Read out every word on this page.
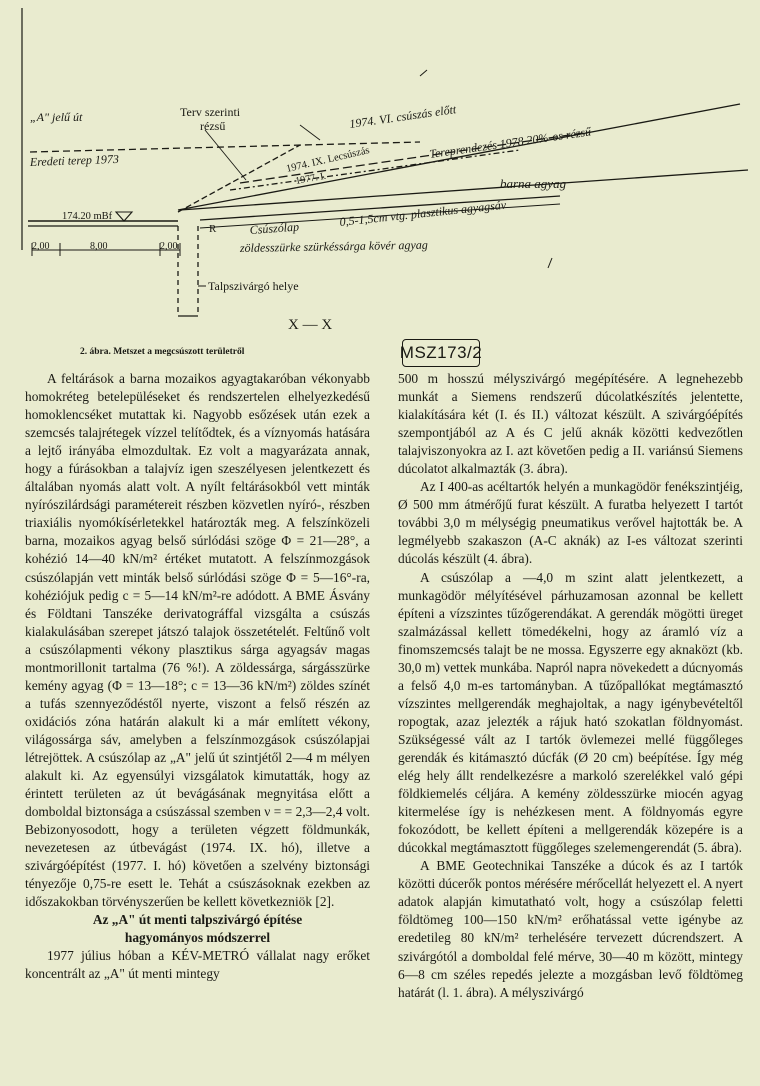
„A" jelű út	Terv szerinti
rézsű	1974. VI. csúszás előtt
Eredeti terep 1973	1974. IX. Lecsúszás
1977. I.
Tereprendezés 1978 20%-os rézsű
barna agyag
174.20 mBf
R	Csúszólap	0,5-1,5cm vtg. plasztikus agyagsáv
zöldesszürke szürkéssárga kövér agyag
2,00	8,00	2,00
Talpszivárgó helye
X — X
2. ábra. Metszet a megcsúszott területről	MSZ173/2

A feltárások a barna mozaikos agyagtakaróban vékonyabb homokréteg betelepüléseket és rendszertelen elhelyezkedésű homoklencséket mutattak ki. Nagyobb esőzések után ezek a szemcsés talajrétegek vízzel telítődtek, és a víznyomás hatására a lejtő irányába elmozdultak. Ez volt a magyarázata annak, hogy a fúrásokban a talajvíz igen szeszélyesen jelentkezett és általában nyomás alatt volt. A nyílt feltárásokból vett minták nyírószilárdsági paramétereit részben közvetlen nyíró-, részben triaxiális nyomókísérletekkel határozták meg. A felszínközeli barna, mozaikos agyag belső súrlódási szöge Φ = 21—28°, a kohézió 14—40 kN/m² értéket mutatott. A felszínmozgások csúszólapján vett minták belső súrlódási szöge Φ = 5—16°-ra, kohéziójuk pedig c = 5—14 kN/m²-re adódott. A BME Ásvány és Földtani Tanszéke derivatográffal vizsgálta a csúszás kialakulásában szerepet játszó talajok összetételét. Feltűnő volt a csúszólapmenti vékony plasztikus sárga agyagsáv magas montmorillonit tartalma (76 %!). A zöldessárga, sárgásszürke kemény agyag (Φ = 13—18°; c = 13—36 kN/m²) zöldes színét a tufás szennyeződéstől nyerte, viszont a felső részén az oxidációs zóna határán alakult ki a már említett vékony, világossárga sáv, amelyben a felszínmozgások csúszólapjai létrejöttek. A csúszólap az „A" jelű út szintjétől 2—4 m mélyen alakult ki. Az egyensúlyi vizsgálatok kimutatták, hogy az érintett területen az út bevágásának megnyitása előtt a domboldal biztonsága a csúszással szemben ν = = 2,3—2,4 volt. Bebizonyosodott, hogy a területen végzett földmunkák, nevezetesen az útbevágást (1974. IX. hó), illetve a szivárgóépítést (1977. I. hó) követően a szelvény biztonsági tényezője 0,75-re esett le. Tehát a csúszásoknak ezekben az időszakokban törvényszerűen be kellett következniök [2].

Az „A" út menti talpszivárgó építése
hagyományos módszerrel

1977 július hóban a KÉV-METRÓ vállalat nagy erőket koncentrált az „A" út menti mintegy

500 m hosszú mélyszivárgó megépítésére. A legnehezebb munkát a Siemens rendszerű dúcolatkészítés jelentette, kialakítására két (I. és II.) változat készült. A szivárgóépítés szempontjából az A és C jelű aknák közötti kedvezőtlen talajviszonyokra az I. azt követően pedig a II. variánsú Siemens dúcolatot alkalmazták (3. ábra).

Az I 400-as acéltartók helyén a munkagödör fenékszintjéig, Ø 500 mm átmérőjű furat készült. A furatba helyezett I tartót további 3,0 m mélységig pneumatikus verővel hajtották be. A legmélyebb szakaszon (A-C aknák) az I-es változat szerinti dúcolás készült (4. ábra).

A csúszólap a —4,0 m szint alatt jelentkezett, a munkagödör mélyítésével párhuzamosan azonnal be kellett építeni a vízszintes tűzőgerendákat. A gerendák mögötti üreget szalmázással kellett tömedékelni, hogy az áramló víz a finomszemcsés talajt be ne mossa. Egyszerre egy aknaközt (kb. 30,0 m) vettek munkába. Napról napra növekedett a dúcnyomás a felső 4,0 m-es tartományban. A tűzőpallókat megtámasztó vízszintes mellgerendák meghajoltak, a nagy igénybevételtől ropogtak, azaz jelezték a rájuk ható szokatlan földnyomást. Szükségessé vált az I tartók övlemezei mellé függőleges gerendák és kitámasztó dúcfák (Ø 20 cm) beépítése. Így még elég hely állt rendelkezésre a markoló szerelékkel való gépi földkiemelés céljára. A kemény zöldesszürke miocén agyag kitermelése így is nehézkesen ment. A földnyomás egyre fokozódott, be kellett építeni a mellgerendák közepére is a dúcokkal megtámasztott függőleges szelemengerendát (5. ábra).

A BME Geotechnikai Tanszéke a dúcok és az I tartók közötti dúcerők pontos mérésére mérőcellát helyezett el. A nyert adatok alapján kimutatható volt, hogy a csúszólap feletti földtömeg 100—150 kN/m² erőhatással vette igénybe az eredetileg 80 kN/m² terhelésére tervezett dúcrendszert. A szivárgótól a domboldal felé mérve, 30—40 m között, mintegy 6—8 cm széles repedés jelezte a mozgásban levő földtömeg határát (l. 1. ábra). A mélyszivárgó
